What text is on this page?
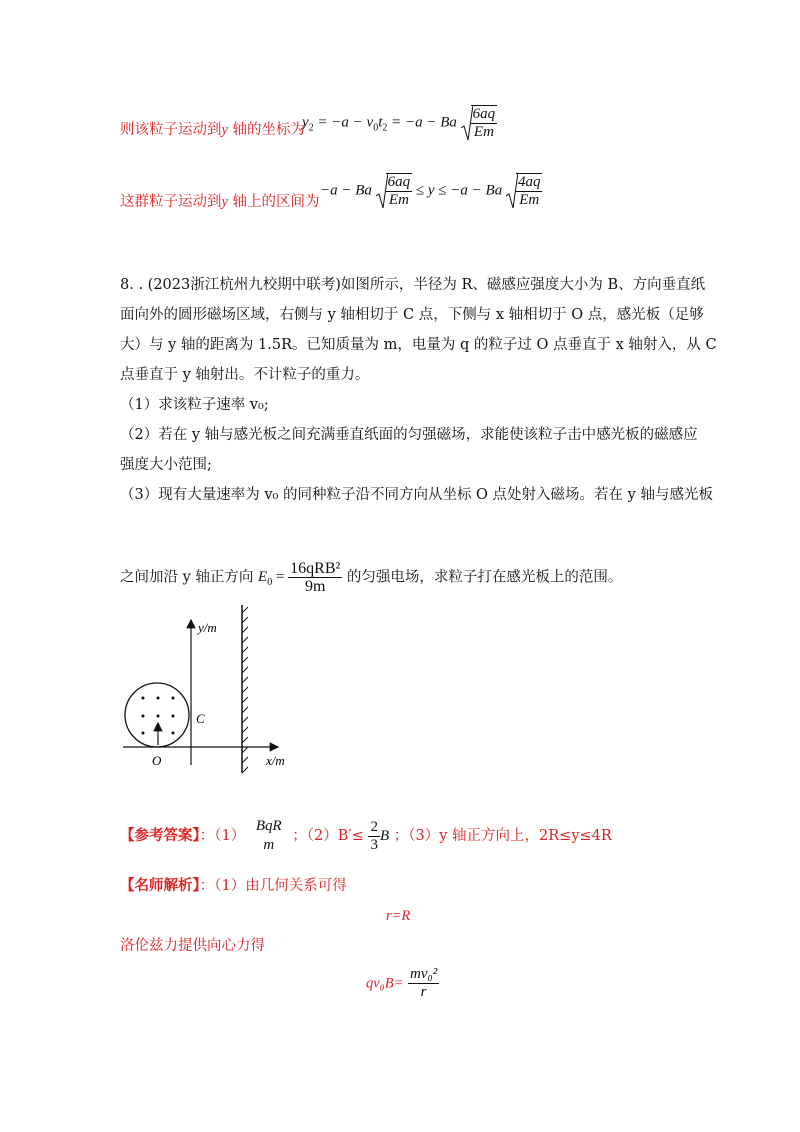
则该粒子运动到y 轴的坐标为
$y_2 = -a - v_0t_2 = -a - Ba \frac{6aq}{Em}$
这群粒子运动到y 轴上的区间为
−a − Ba $\frac{6aq}{Em} \le y \le -a - Ba \frac{4aq}{Em}$
8. . (2023浙江杭州九校期中联考)如图所示，半径为 R、磁感应强度大小为 B、方向垂直纸
面向外的圆形磁场区域，右侧与 y 轴相切于 C 点，下侧与 x 轴相切于 O 点，感光板（足够
大）与 y 轴的距离为 1.5R。已知质量为 m，电量为 q 的粒子过 O 点垂直于 x 轴射入，从 C
点垂直于 y 轴射出。不计粒子的重力。
（1）求该粒子速率 v₀;
（2）若在 y 轴与感光板之间充满垂直纸面的匀强磁场，求能使该粒子击中感光板的磁感应
强度大小范围;
（3）现有大量速率为 v₀ 的同种粒子沿不同方向从坐标 O 点处射入磁场。若在 y 轴与感光板
之间加沿 y 轴正方向 $E_0 = \frac{\text{16qRB²}}{9m}$ 的匀强电场，求粒子打在感光板上的范围。
y/m
x/m
C
O
【参考答案】：（1）
BqR
m
；$(2)B'\le \frac{2}{3}$ B ；（3）y 轴正方向上，2R≤y≤4R
【名师解析】：（1）由几何关系可得
r=R
洛伦兹力提供向心力得
$qv_0B= \frac{\text{mv₀²}}{r}$
